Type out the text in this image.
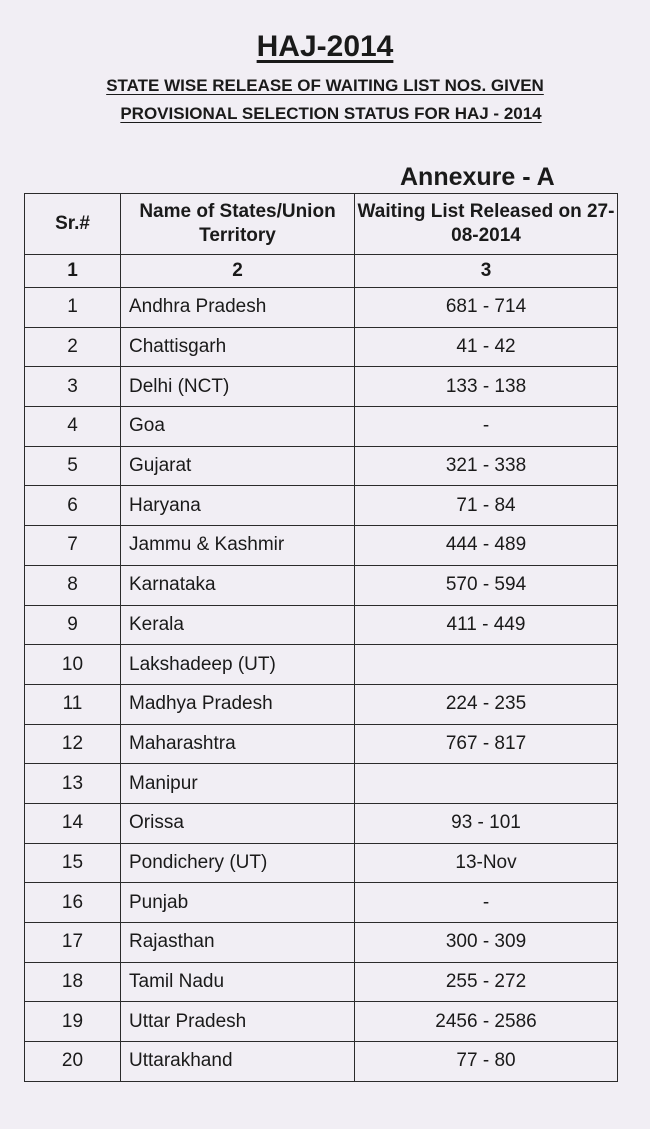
HAJ-2014
STATE WISE RELEASE OF WAITING LIST NOS. GIVEN
PROVISIONAL SELECTION STATUS FOR HAJ - 2014
Annexure - A
Sr.#	Name of States/Union Territory	Waiting List Released on 27-08-2014
1	2	3
1	Andhra Pradesh	681 - 714
2	Chattisgarh	41 - 42
3	Delhi (NCT)	133 - 138
4	Goa	-
5	Gujarat	321 - 338
6	Haryana	71 - 84
7	Jammu & Kashmir	444 - 489
8	Karnataka	570 - 594
9	Kerala	411 - 449
10	Lakshadeep (UT)	
11	Madhya Pradesh	224 - 235
12	Maharashtra	767 - 817
13	Manipur	
14	Orissa	93 - 101
15	Pondichery (UT)	13-Nov
16	Punjab	-
17	Rajasthan	300 - 309
18	Tamil Nadu	255 - 272
19	Uttar Pradesh	2456 - 2586
20	Uttarakhand	77 - 80
